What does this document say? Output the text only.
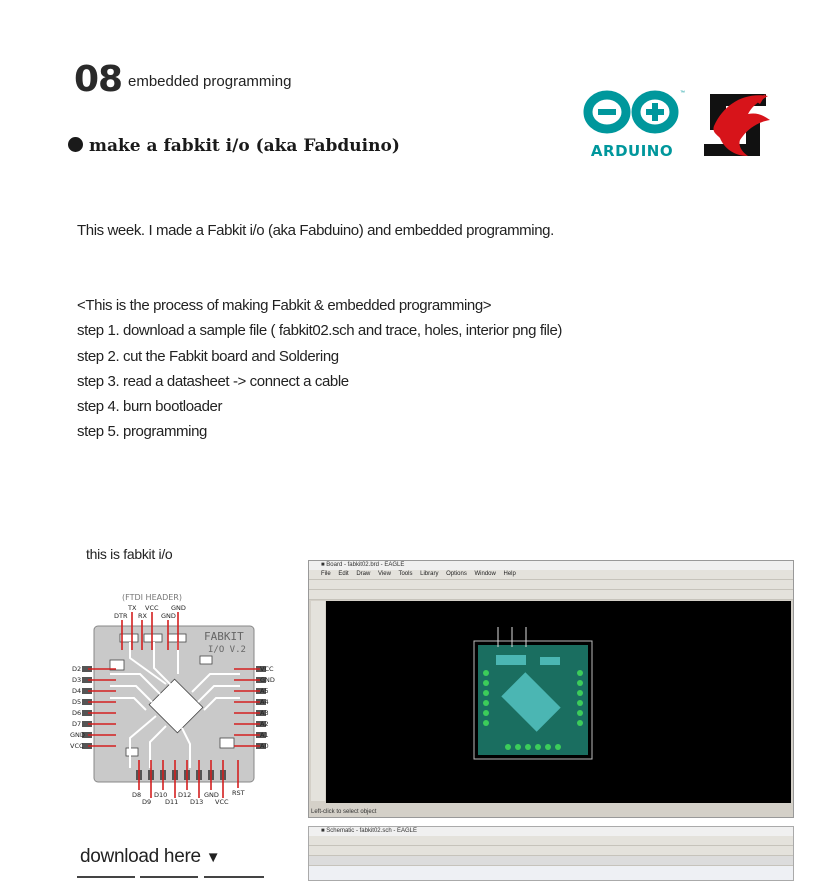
08 embedded programming
ARDUINO
™
make a fabkit i/o (aka Fabduino)
This week. I made a Fabkit i/o (aka Fabduino) and embedded programming.
<This is the process of making Fabkit & embedded programming>
step 1. download a sample file ( fabkit02.sch and trace, holes, interior png file)
step 2. cut the Fabkit board and Soldering
step 3. read a datasheet -> connect a cable
step 4. burn bootloader
step 5. programming
this is fabkit i/o
(FTDI HEADER)
FABKIT
I/O V.2
DTR
TX
RX
VCC
GND
GND
D2
D3
D4
D5
D6
D7
GND
VCC
VCC
GND
A5
A4
A3
A2
A1
A0
D8
D9
D10
D11
D12
D13
GND
VCC
RST
■ Board - fabkit02.brd - EAGLE
File Edit Draw View Tools Library Options Window Help
Left-click to select object
■ Schematic - fabkit02.sch - EAGLE
download here ▼
